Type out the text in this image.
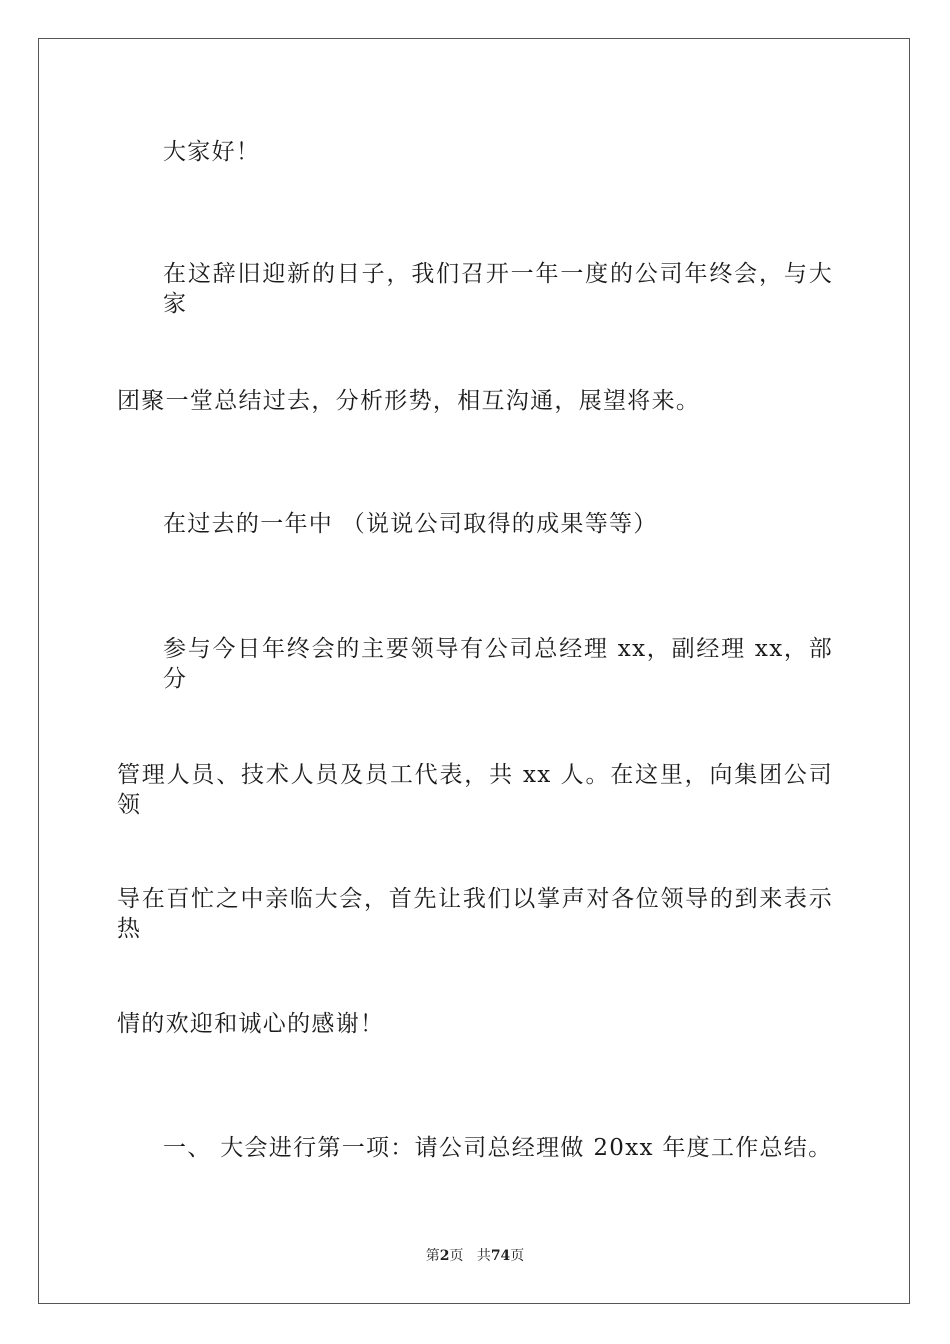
大家好！
在这辞旧迎新的日子，我们召开一年一度的公司年终会，与大家
团聚一堂总结过去，分析形势，相互沟通，展望将来。
在过去的一年中 （说说公司取得的成果等等）
参与今日年终会的主要领导有公司总经理 xx，副经理 xx，部分
管理人员、技术人员及员工代表，共 xx 人。在这里，向集团公司领
导在百忙之中亲临大会，首先让我们以掌声对各位领导的到来表示热
情的欢迎和诚心的感谢！
一、 大会进行第一项：请公司总经理做 20xx 年度工作总结。
第2页 共74页
